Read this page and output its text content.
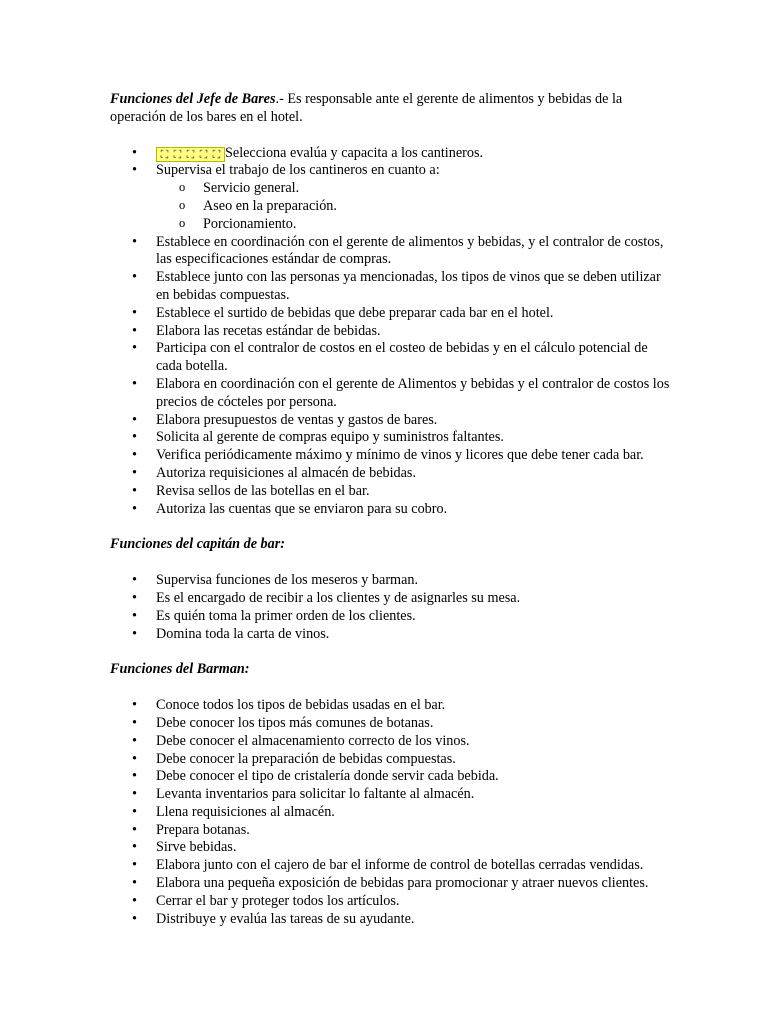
Funciones del Jefe de Bares.- Es responsable ante el gerente de alimentos y bebidas de la operación de los bares en el hotel.

• ⛶ ⛶ ⛶ ⛶ ⛶ Selecciona evalúa y capacita a los cantineros.
• Supervisa el trabajo de los cantineros en cuanto a:
o Servicio general.
o Aseo en la preparación.
o Porcionamiento.
• Establece en coordinación con el gerente de alimentos y bebidas, y el contralor de costos, las especificaciones estándar de compras.
• Establece junto con las personas ya mencionadas, los tipos de vinos que se deben utilizar en bebidas compuestas.
• Establece el surtido de bebidas que debe preparar cada bar en el hotel.
• Elabora las recetas estándar de bebidas.
• Participa con el contralor de costos en el costeo de bebidas y en el cálculo potencial de cada botella.
• Elabora en coordinación con el gerente de Alimentos y bebidas y el contralor de costos los precios de cócteles por persona.
• Elabora presupuestos de ventas y gastos de bares.
• Solicita al gerente de compras equipo y suministros faltantes.
• Verifica periódicamente máximo y mínimo de vinos y licores que debe tener cada bar.
• Autoriza requisiciones al almacén de bebidas.
• Revisa sellos de las botellas en el bar.
• Autoriza las cuentas que se enviaron para su cobro.

Funciones del capitán de bar:

• Supervisa funciones de los meseros y barman.
• Es el encargado de recibir a los clientes y de asignarles su mesa.
• Es quién toma la primer orden de los clientes.
• Domina toda la carta de vinos.

Funciones del Barman:

• Conoce todos los tipos de bebidas usadas en el bar.
• Debe conocer los tipos más comunes de botanas.
• Debe conocer el almacenamiento correcto de los vinos.
• Debe conocer la preparación de bebidas compuestas.
• Debe conocer el tipo de cristalería donde servir cada bebida.
• Levanta inventarios para solicitar lo faltante al almacén.
• Llena requisiciones al almacén.
• Prepara botanas.
• Sirve bebidas.
• Elabora junto con el cajero de bar el informe de control de botellas cerradas vendidas.
• Elabora una pequeña exposición de bebidas para promocionar y atraer nuevos clientes.
• Cerrar el bar y proteger todos los artículos.
• Distribuye y evalúa las tareas de su ayudante.
